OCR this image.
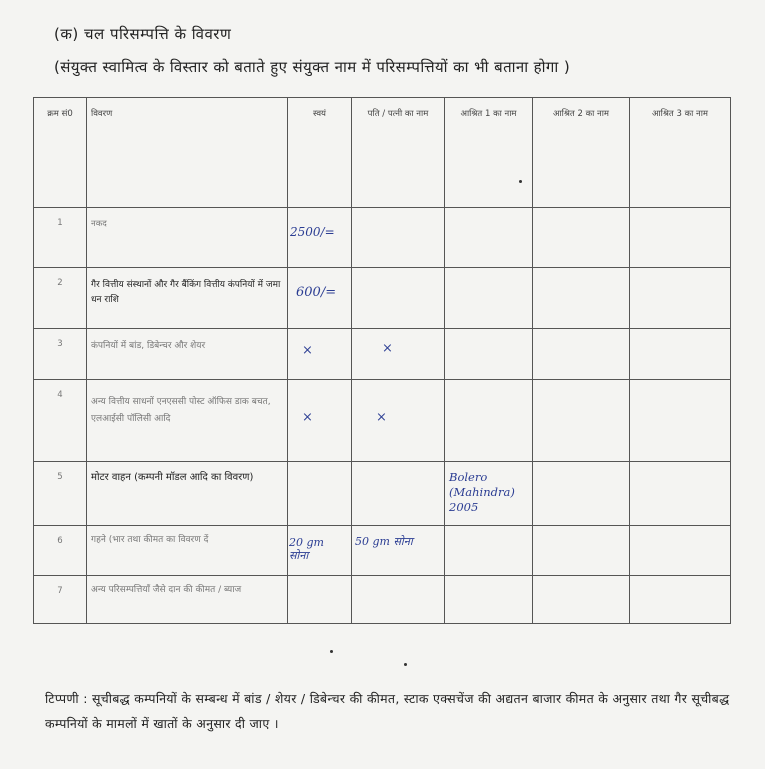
(क) चल परिसम्पत्ति के विवरण
(संयुक्त स्वामित्व के विस्तार को बताते हुए संयुक्त नाम में परिसम्पत्तियों का भी बताना होगा )
क्रम सं0	विवरण	स्वयं	पति / पत्नी का नाम	आश्रित 1 का नाम	आश्रित 2 का नाम	आश्रित 3 का नाम
1	नकद	2500/=				

2	गैर वित्तीय संस्थानों और गैर बैंकिंग वित्तीय कंपनियों में जमा धन राशि	600/=				

3	कंपनियों में बांड, डिबेन्चर और शेयर	×	×			

4	अन्य वित्तीय साधनों एनएससी पोस्ट ऑफिस डाक बचत, एलआईसी पॉलिसी आदि	×	×			

5	मोटर वाहन (कम्पनी मॉडल आदि का विवरण)			Bolero (Mahindra) 2005		

6	गहने (भार तथा कीमत का विवरण दें	20 gm सोना	50 gm सोना			

7	अन्य परिसम्पत्तियाँ जैसे दान की कीमत / ब्याज					
टिप्पणी : सूचीबद्ध कम्पनियों के सम्बन्ध में बांड / शेयर / डिबेन्चर की कीमत, स्टाक एक्सचेंज की अद्यतन बाजार कीमत के अनुसार तथा गैर सूचीबद्ध कम्पनियों के मामलों में खातों के अनुसार दी जाए ।
